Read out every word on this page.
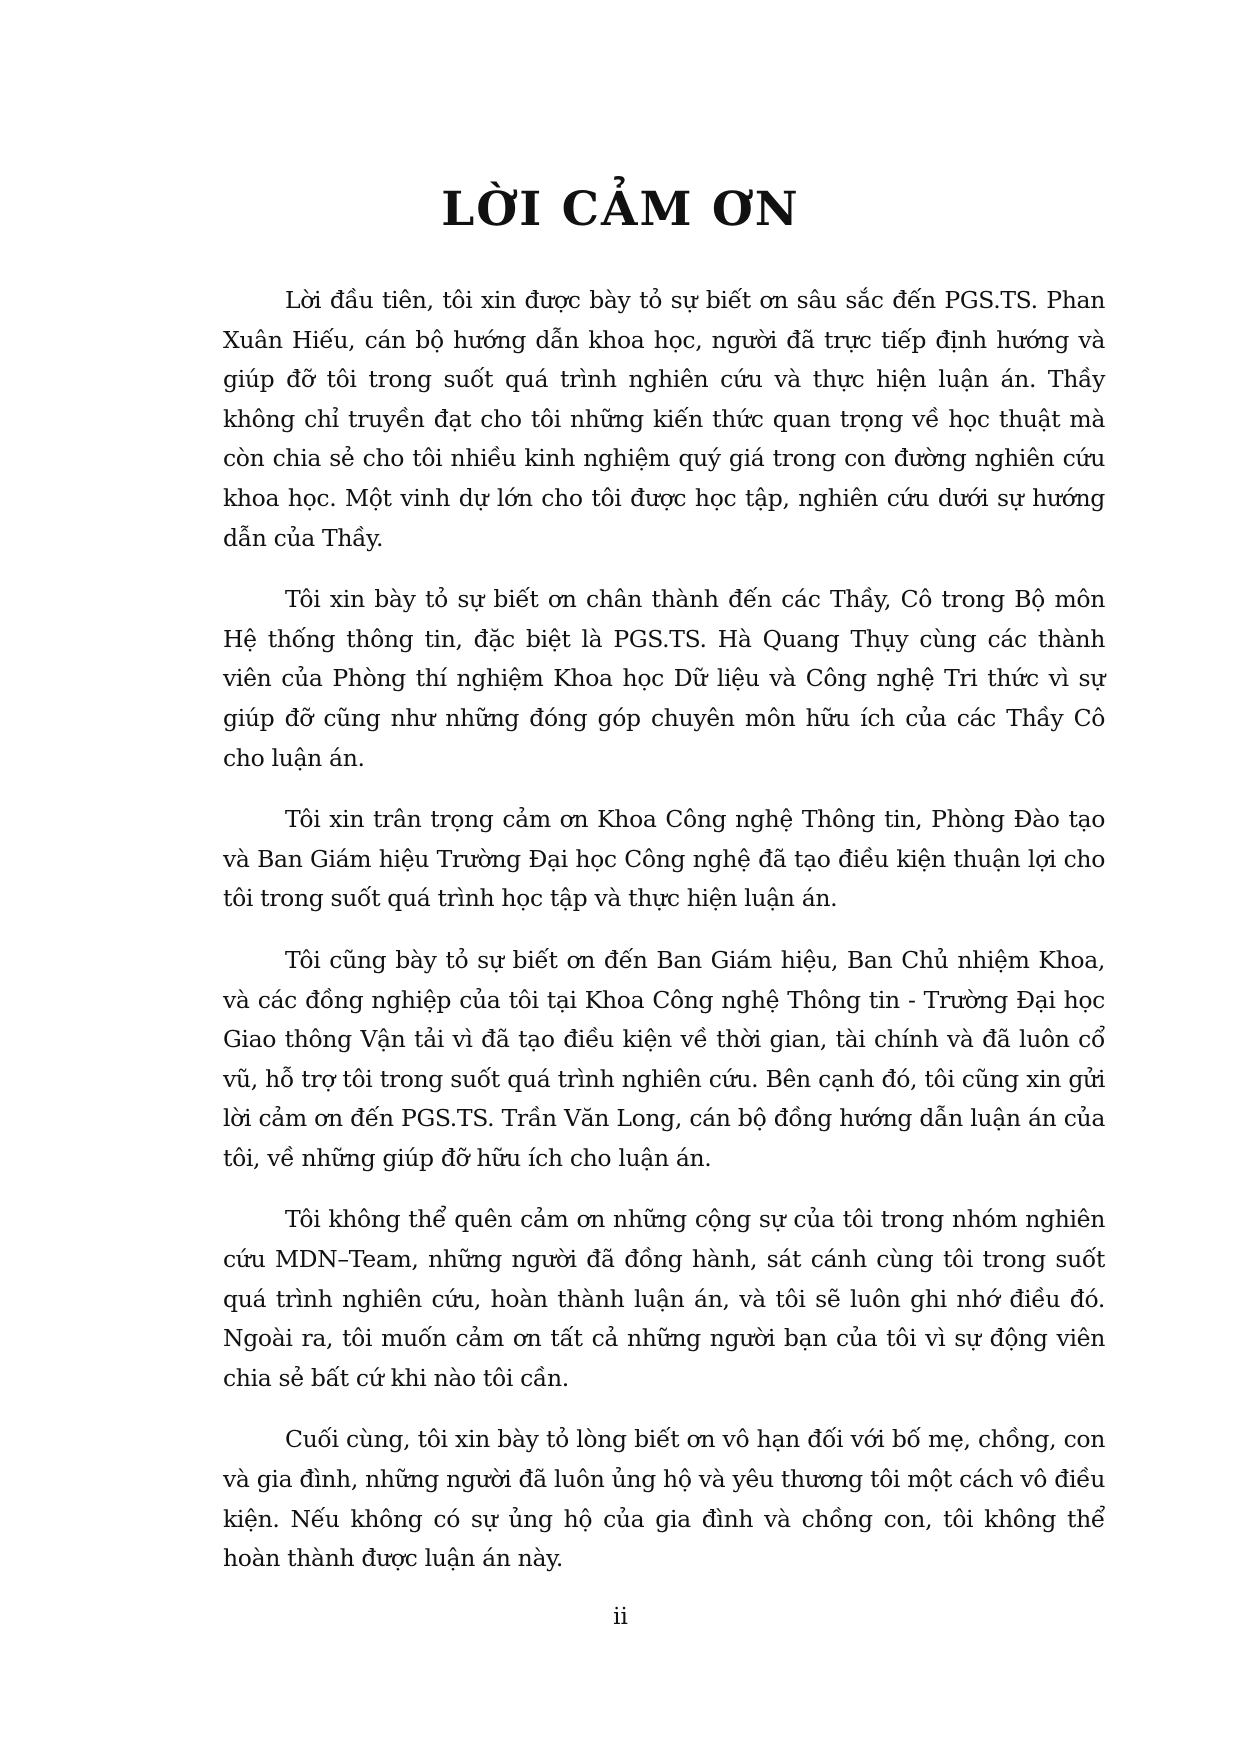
LỜI CẢM ƠN

Lời đầu tiên, tôi xin được bày tỏ sự biết ơn sâu sắc đến PGS.TS. Phan Xuân Hiếu, cán bộ hướng dẫn khoa học, người đã trực tiếp định hướng và giúp đỡ tôi trong suốt quá trình nghiên cứu và thực hiện luận án. Thầy không chỉ truyền đạt cho tôi những kiến thức quan trọng về học thuật mà còn chia sẻ cho tôi nhiều kinh nghiệm quý giá trong con đường nghiên cứu khoa học. Một vinh dự lớn cho tôi được học tập, nghiên cứu dưới sự hướng dẫn của Thầy.

Tôi xin bày tỏ sự biết ơn chân thành đến các Thầy, Cô trong Bộ môn Hệ thống thông tin, đặc biệt là PGS.TS. Hà Quang Thụy cùng các thành viên của Phòng thí nghiệm Khoa học Dữ liệu và Công nghệ Tri thức vì sự giúp đỡ cũng như những đóng góp chuyên môn hữu ích của các Thầy Cô cho luận án.

Tôi xin trân trọng cảm ơn Khoa Công nghệ Thông tin, Phòng Đào tạo và Ban Giám hiệu Trường Đại học Công nghệ đã tạo điều kiện thuận lợi cho tôi trong suốt quá trình học tập và thực hiện luận án.

Tôi cũng bày tỏ sự biết ơn đến Ban Giám hiệu, Ban Chủ nhiệm Khoa, và các đồng nghiệp của tôi tại Khoa Công nghệ Thông tin - Trường Đại học Giao thông Vận tải vì đã tạo điều kiện về thời gian, tài chính và đã luôn cổ vũ, hỗ trợ tôi trong suốt quá trình nghiên cứu. Bên cạnh đó, tôi cũng xin gửi lời cảm ơn đến PGS.TS. Trần Văn Long, cán bộ đồng hướng dẫn luận án của tôi, về những giúp đỡ hữu ích cho luận án.

Tôi không thể quên cảm ơn những cộng sự của tôi trong nhóm nghiên cứu MDN–Team, những người đã đồng hành, sát cánh cùng tôi trong suốt quá trình nghiên cứu, hoàn thành luận án, và tôi sẽ luôn ghi nhớ điều đó. Ngoài ra, tôi muốn cảm ơn tất cả những người bạn của tôi vì sự động viên chia sẻ bất cứ khi nào tôi cần.

Cuối cùng, tôi xin bày tỏ lòng biết ơn vô hạn đối với bố mẹ, chồng, con và gia đình, những người đã luôn ủng hộ và yêu thương tôi một cách vô điều kiện. Nếu không có sự ủng hộ của gia đình và chồng con, tôi không thể hoàn thành được luận án này.

ii
